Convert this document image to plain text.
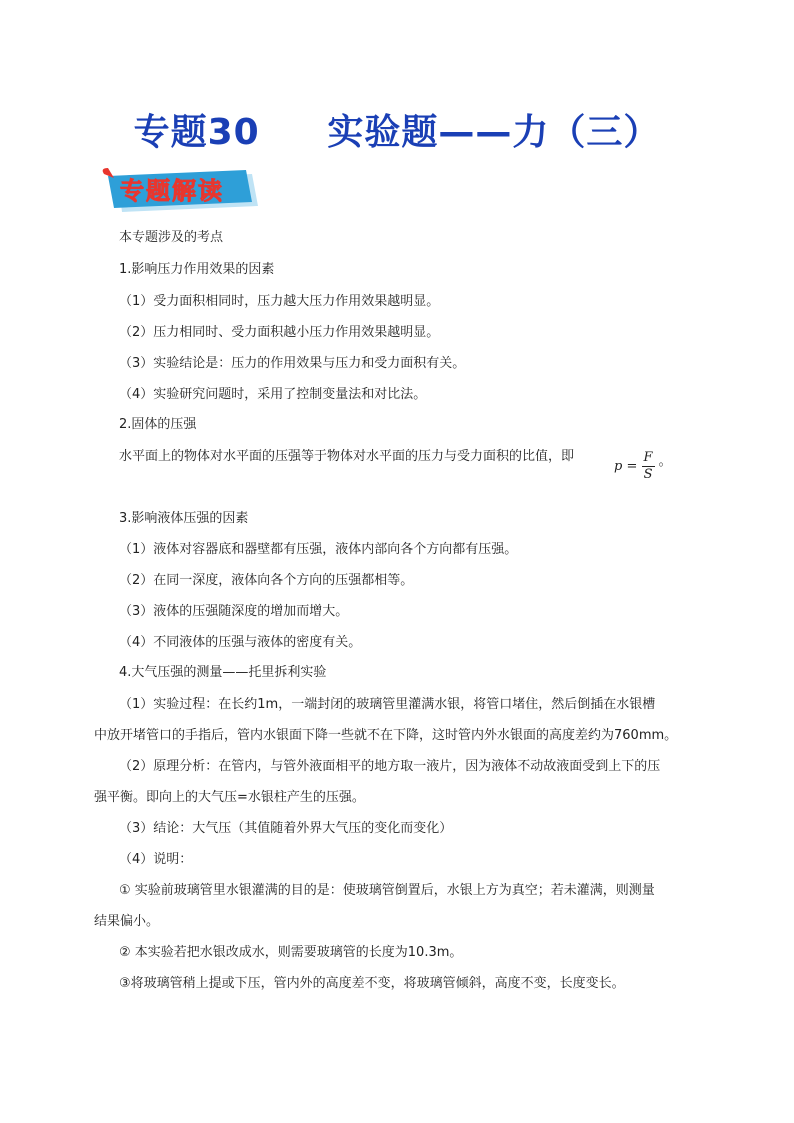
专题30     实验题——力（三）
专题解读
本专题涉及的考点
1.影响压力作用效果的因素
（1）受力面积相同时，压力越大压力作用效果越明显。
（2）压力相同时、受力面积越小压力作用效果越明显。
（3）实验结论是：压力的作用效果与压力和受力面积有关。
（4）实验研究问题时，采用了控制变量法和对比法。
2.固体的压强
水平面上的物体对水平面的压强等于物体对水平面的压力与受力面积的比值，即
$p = \frac{F}{S}$ 。
3.影响液体压强的因素
（1）液体对容器底和器壁都有压强，液体内部向各个方向都有压强。
（2）在同一深度，液体向各个方向的压强都相等。
（3）液体的压强随深度的增加而增大。
（4）不同液体的压强与液体的密度有关。
4.大气压强的测量——托里拆利实验
（1）实验过程：在长约1m，一端封闭的玻璃管里灌满水银，将管口堵住，然后倒插在水银槽
中放开堵管口的手指后，管内水银面下降一些就不在下降，这时管内外水银面的高度差约为760mm。
（2）原理分析：在管内，与管外液面相平的地方取一液片，因为液体不动故液面受到上下的压
强平衡。即向上的大气压=水银柱产生的压强。
（3）结论：大气压（其值随着外界大气压的变化而变化）
（4）说明：
① 实验前玻璃管里水银灌满的目的是：使玻璃管倒置后，水银上方为真空；若未灌满，则测量
结果偏小。
② 本实验若把水银改成水，则需要玻璃管的长度为10.3m。
③将玻璃管稍上提或下压，管内外的高度差不变，将玻璃管倾斜，高度不变，长度变长。
